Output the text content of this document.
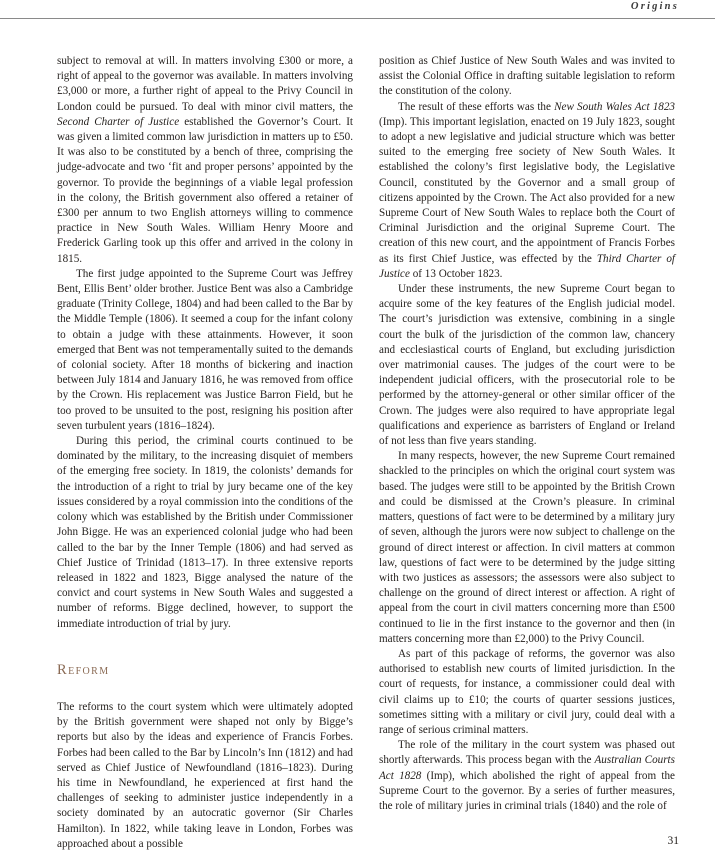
Origins

subject to removal at will. In matters involving £300 or more, a right of appeal to the governor was available. In matters involving £3,000 or more, a further right of appeal to the Privy Council in London could be pursued. To deal with minor civil matters, the Second Charter of Justice established the Governor’s Court. It was given a limited common law jurisdiction in matters up to £50. It was also to be constituted by a bench of three, comprising the judge-advocate and two ‘fit and proper persons’ appointed by the governor. To provide the beginnings of a viable legal profession in the colony, the British government also offered a retainer of £300 per annum to two English attorneys willing to commence practice in New South Wales. William Henry Moore and Frederick Garling took up this offer and arrived in the colony in 1815.

The first judge appointed to the Supreme Court was Jeffrey Bent, Ellis Bent’ older brother. Justice Bent was also a Cambridge graduate (Trinity College, 1804) and had been called to the Bar by the Middle Temple (1806). It seemed a coup for the infant colony to obtain a judge with these attainments. However, it soon emerged that Bent was not temperamentally suited to the demands of colonial society. After 18 months of bickering and inaction between July 1814 and January 1816, he was removed from office by the Crown. His replacement was Justice Barron Field, but he too proved to be unsuited to the post, resigning his position after seven turbulent years (1816–1824).

During this period, the criminal courts continued to be dominated by the military, to the increasing disquiet of members of the emerging free society. In 1819, the colonists’ demands for the introduction of a right to trial by jury became one of the key issues considered by a royal commission into the conditions of the colony which was established by the British under Commissioner John Bigge. He was an experienced colonial judge who had been called to the bar by the Inner Temple (1806) and had served as Chief Justice of Trinidad (1813–17). In three extensive reports released in 1822 and 1823, Bigge analysed the nature of the convict and court systems in New South Wales and suggested a number of reforms. Bigge declined, however, to support the immediate introduction of trial by jury.

Reform

The reforms to the court system which were ultimately adopted by the British government were shaped not only by Bigge’s reports but also by the ideas and experience of Francis Forbes. Forbes had been called to the Bar by Lincoln’s Inn (1812) and had served as Chief Justice of Newfoundland (1816–1823). During his time in Newfoundland, he experienced at first hand the challenges of seeking to administer justice independently in a society dominated by an autocratic governor (Sir Charles Hamilton). In 1822, while taking leave in London, Forbes was approached about a possible

position as Chief Justice of New South Wales and was invited to assist the Colonial Office in drafting suitable legislation to reform the constitution of the colony.

The result of these efforts was the New South Wales Act 1823 (Imp). This important legislation, enacted on 19 July 1823, sought to adopt a new legislative and judicial structure which was better suited to the emerging free society of New South Wales. It established the colony’s first legislative body, the Legislative Council, constituted by the Governor and a small group of citizens appointed by the Crown. The Act also provided for a new Supreme Court of New South Wales to replace both the Court of Criminal Jurisdiction and the original Supreme Court. The creation of this new court, and the appointment of Francis Forbes as its first Chief Justice, was effected by the Third Charter of Justice of 13 October 1823.

Under these instruments, the new Supreme Court began to acquire some of the key features of the English judicial model. The court’s jurisdiction was extensive, combining in a single court the bulk of the jurisdiction of the common law, chancery and ecclesiastical courts of England, but excluding jurisdiction over matrimonial causes. The judges of the court were to be independent judicial officers, with the prosecutorial role to be performed by the attorney-general or other similar officer of the Crown. The judges were also required to have appropriate legal qualifications and experience as barristers of England or Ireland of not less than five years standing.

In many respects, however, the new Supreme Court remained shackled to the principles on which the original court system was based. The judges were still to be appointed by the British Crown and could be dismissed at the Crown’s pleasure. In criminal matters, questions of fact were to be determined by a military jury of seven, although the jurors were now subject to challenge on the ground of direct interest or affection. In civil matters at common law, questions of fact were to be determined by the judge sitting with two justices as assessors; the assessors were also subject to challenge on the ground of direct interest or affection. A right of appeal from the court in civil matters concerning more than £500 continued to lie in the first instance to the governor and then (in matters concerning more than £2,000) to the Privy Council.

As part of this package of reforms, the governor was also authorised to establish new courts of limited jurisdiction. In the court of requests, for instance, a commissioner could deal with civil claims up to £10; the courts of quarter sessions justices, sometimes sitting with a military or civil jury, could deal with a range of serious criminal matters.

The role of the military in the court system was phased out shortly afterwards. This process began with the Australian Courts Act 1828 (Imp), which abolished the right of appeal from the Supreme Court to the governor. By a series of further measures, the role of military juries in criminal trials (1840) and the role of

31
